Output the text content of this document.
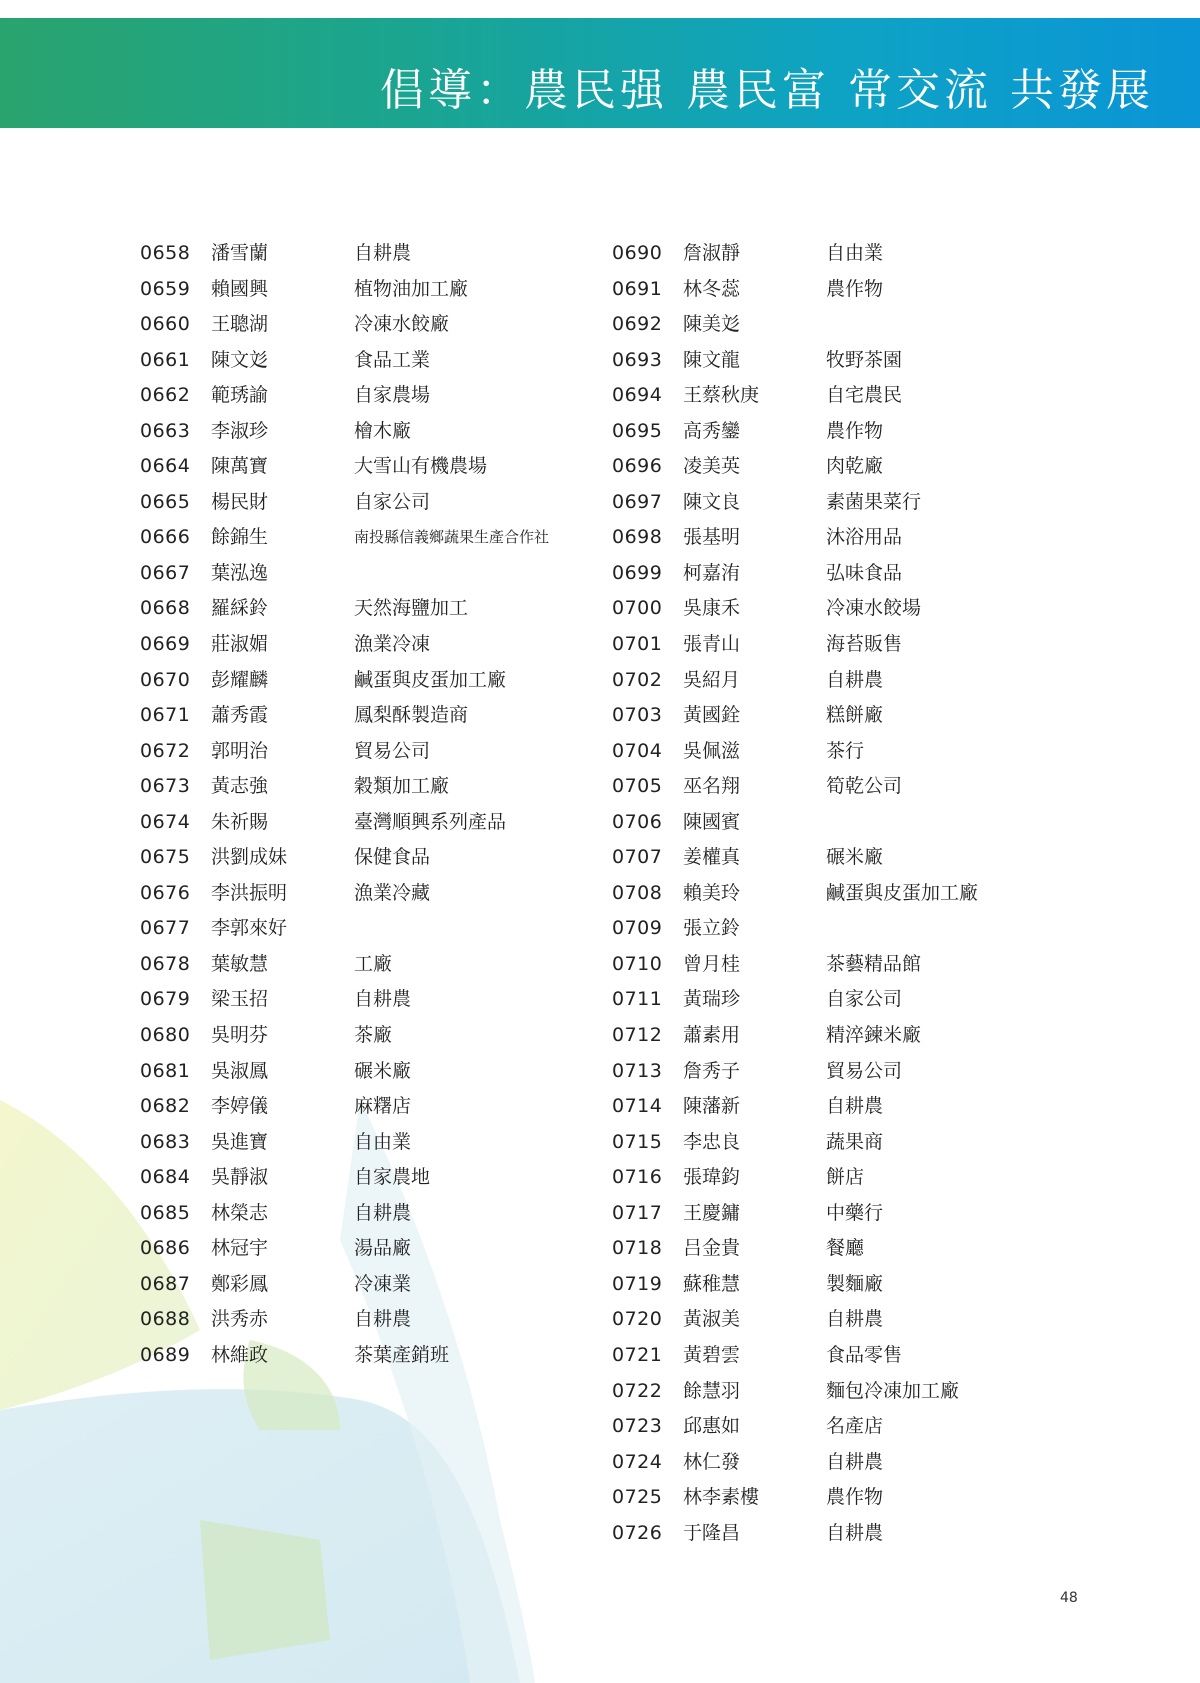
倡導：農民强 農民富 常交流 共發展
0658	潘雪蘭	自耕農
0659	賴國興	植物油加工廠
0660	王聰湖	冷凍水餃廠
0661	陳文彣	食品工業
0662	範琇諭	自家農場
0663	李淑珍	檜木廠
0664	陳萬寶	大雪山有機農場
0665	楊民財	自家公司
0666	餘錦生	南投縣信義鄉蔬果生產合作社
0667	葉泓逸
0668	羅綵鈴	天然海鹽加工
0669	莊淑媚	漁業冷凍
0670	彭耀麟	鹹蛋與皮蛋加工廠
0671	蕭秀霞	鳳梨酥製造商
0672	郭明治	貿易公司
0673	黃志強	穀類加工廠
0674	朱祈賜	臺灣順興系列產品
0675	洪劉成妹	保健食品
0676	李洪振明	漁業冷藏
0677	李郭來好
0678	葉敏慧	工廠
0679	梁玉招	自耕農
0680	吳明芬	茶廠
0681	吳淑鳳	碾米廠
0682	李婷儀	麻糬店
0683	吳進寶	自由業
0684	吳靜淑	自家農地
0685	林榮志	自耕農
0686	林冠宇	湯品廠
0687	鄭彩鳳	冷凍業
0688	洪秀赤	自耕農
0689	林維政	茶葉產銷班
0690	詹淑靜	自由業
0691	林冬蕊	農作物
0692	陳美彣
0693	陳文龍	牧野茶園
0694	王蔡秋庚	自宅農民
0695	高秀鑾	農作物
0696	凌美英	肉乾廠
0697	陳文良	素菌果菜行
0698	張基明	沐浴用品
0699	柯嘉洧	弘味食品
0700	吳康禾	冷凍水餃場
0701	張青山	海苔販售
0702	吳紹月	自耕農
0703	黃國銓	糕餅廠
0704	吳佩滋	茶行
0705	巫名翔	筍乾公司
0706	陳國賓
0707	姜權真	碾米廠
0708	賴美玲	鹹蛋與皮蛋加工廠
0709	張立鈴
0710	曾月桂	茶藝精品館
0711	黃瑞珍	自家公司
0712	蕭素用	精淬鍊米廠
0713	詹秀子	貿易公司
0714	陳藩新	自耕農
0715	李忠良	蔬果商
0716	張瑋鈞	餅店
0717	王慶鏞	中藥行
0718	吕金貴	餐廳
0719	蘇稚慧	製麵廠
0720	黃淑美	自耕農
0721	黃碧雲	食品零售
0722	餘慧羽	麵包冷凍加工廠
0723	邱惠如	名產店
0724	林仁發	自耕農
0725	林李素樓	農作物
0726	于隆昌	自耕農
48
